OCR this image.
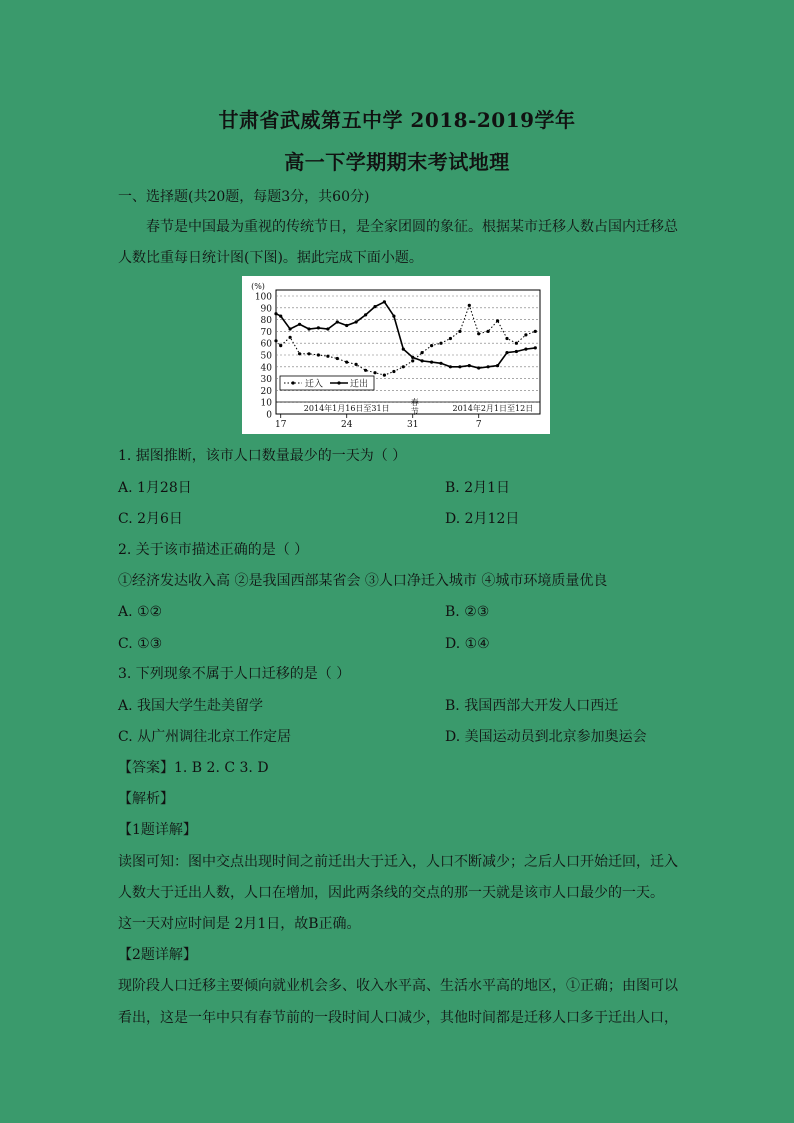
甘肃省武威第五中学 2018-2019学年
高一下学期期末考试地理
一、选择题(共20题，每题3分，共60分)
春节是中国最为重视的传统节日，是全家团圆的象征。根据某市迁移人数占国内迁移总
人数比重每日统计图(下图)。据此完成下面小题。
0
10
20
30
40
50
60
70
80
90
100
(%)
2014年1月16日至31日
春
节	2014年2月1日至12日
17	24	31	7
迁入	迁出
1. 据图推断，该市人口数量最少的一天为（ ）
A. 1月28日	B. 2月1日
C. 2月6日	D. 2月12日
2. 关于该市描述正确的是（ ）
①经济发达收入高 ②是我国西部某省会 ③人口净迁入城市 ④城市环境质量优良
A. ①②	B. ②③
C. ①③	D. ①④
3. 下列现象不属于人口迁移的是（ ）
A. 我国大学生赴美留学	B. 我国西部大开发人口西迁
C. 从广州调往北京工作定居	D. 美国运动员到北京参加奥运会
【答案】1. B 2. C 3. D
【解析】
【1题详解】
读图可知：图中交点出现时间之前迁出大于迁入，人口不断减少；之后人口开始迁回，迁入
人数大于迁出人数，人口在增加，因此两条线的交点的那一天就是该市人口最少的一天。
这一天对应时间是 2月1日，故B正确。
【2题详解】
现阶段人口迁移主要倾向就业机会多、收入水平高、生活水平高的地区，①正确；由图可以
看出，这是一年中只有春节前的一段时间人口减少，其他时间都是迁移人口多于迁出人口，
